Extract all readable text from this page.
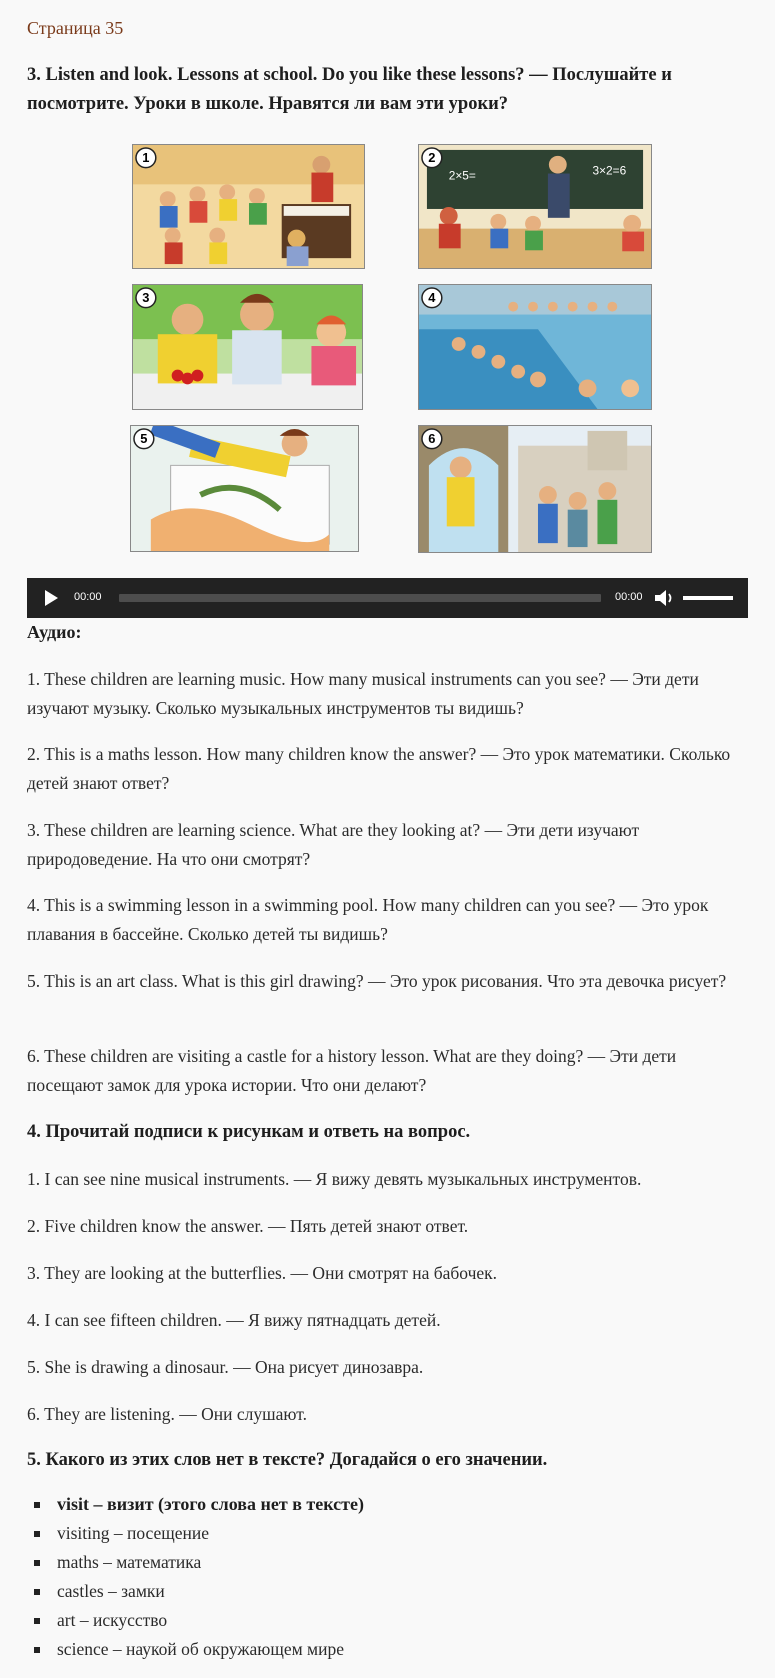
Страница 35
3. Listen and look. Lessons at school. Do you like these lessons? — Послушайте и посмотрите. Уроки в школе. Нравятся ли вам эти уроки?
1
2×5=	3×2=6
2
3	4
5	6
00:00	00:00
Аудио:
1. These children are learning music. How many musical instruments can you see? — Эти дети изучают музыку. Сколько музыкальных инструментов ты видишь?
2. This is a maths lesson. How many children know the answer? — Это урок математики. Сколько детей знают ответ?
3. These children are learning science. What are they looking at? — Эти дети изучают природоведение. На что они смотрят?
4. This is a swimming lesson in a swimming pool. How many children can you see? — Это урок плавания в бассейне. Сколько детей ты видишь?
5. This is an art class. What is this girl drawing? — Это урок рисования. Что эта девочка рисует?
6. These children are visiting a castle for a history lesson. What are they doing? — Эти дети посещают замок для урока истории. Что они делают?
4. Прочитай подписи к рисункам и ответь на вопрос.
1. I can see nine musical instruments. — Я вижу девять музыкальных инструментов.
2. Five children know the answer. — Пять детей знают ответ.
3. They are looking at the butterflies. — Они смотрят на бабочек.
4. I can see fifteen children. — Я вижу пятнадцать детей.
5. She is drawing a dinosaur. — Она рисует динозавра.
6. They are listening. — Они слушают.
5. Какого из этих слов нет в тексте? Догадайся о его значении.
visit – визит (этого слова нет в тексте)
visiting – посещение
maths – математика
castles – замки
art – искусство
science – наукой об окружающем мире
